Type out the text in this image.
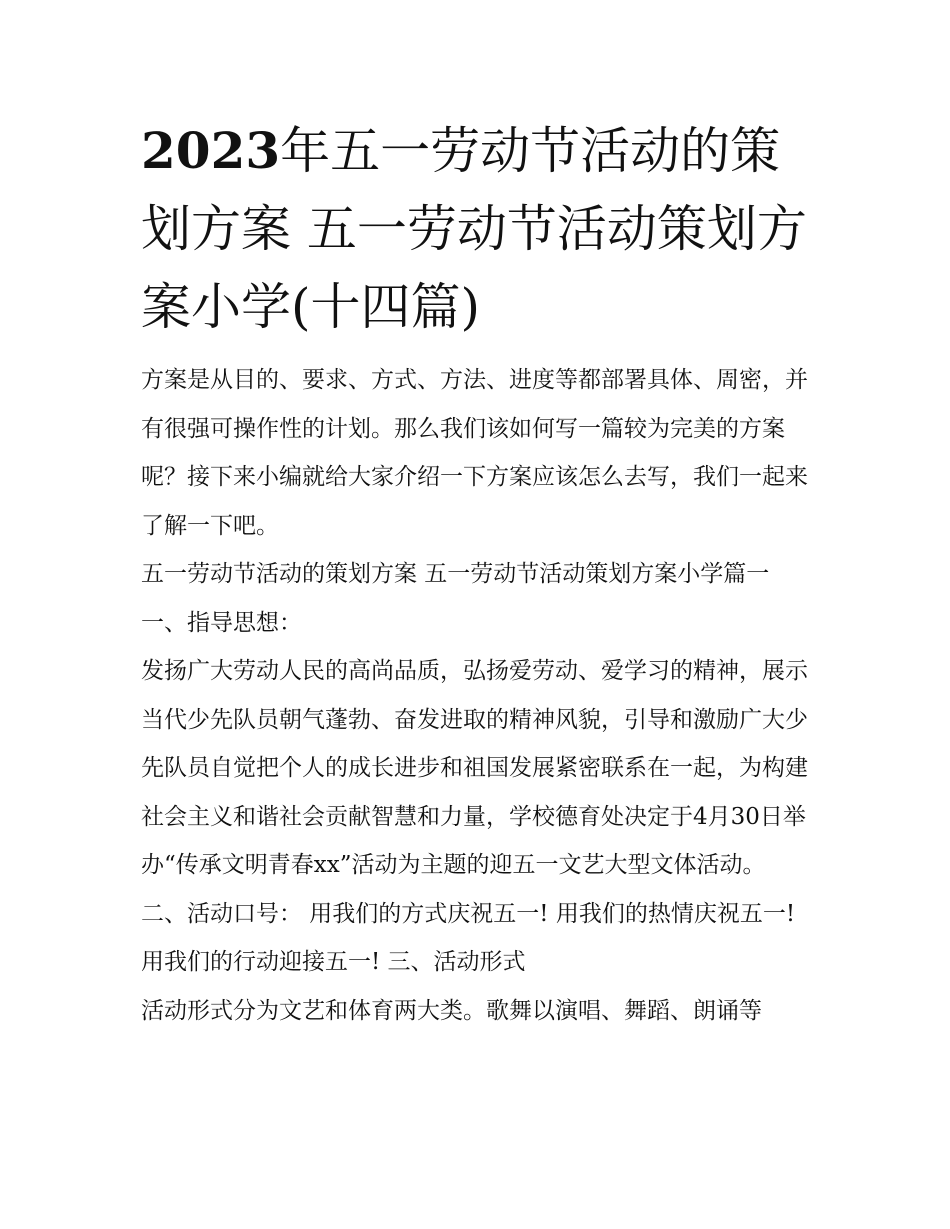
2023年五一劳动节活动的策划方案 五一劳动节活动策划方案小学(十四篇)

方案是从目的、要求、方式、方法、进度等都部署具体、周密，并有很强可操作性的计划。那么我们该如何写一篇较为完美的方案呢？接下来小编就给大家介绍一下方案应该怎么去写，我们一起来了解一下吧。

五一劳动节活动的策划方案 五一劳动节活动策划方案小学篇一 一、指导思想：

发扬广大劳动人民的高尚品质，弘扬爱劳动、爱学习的精神，展示当代少先队员朝气蓬勃、奋发进取的精神风貌，引导和激励广大少先队员自觉把个人的成长进步和祖国发展紧密联系在一起，为构建社会主义和谐社会贡献智慧和力量，学校德育处决定于4月30日举办“传承文明青春xx”活动为主题的迎五一文艺大型文体活动。

二、活动口号： 用我们的方式庆祝五一! 用我们的热情庆祝五一! 用我们的行动迎接五一! 三、活动形式

活动形式分为文艺和体育两大类。歌舞以演唱、舞蹈、朗诵等
